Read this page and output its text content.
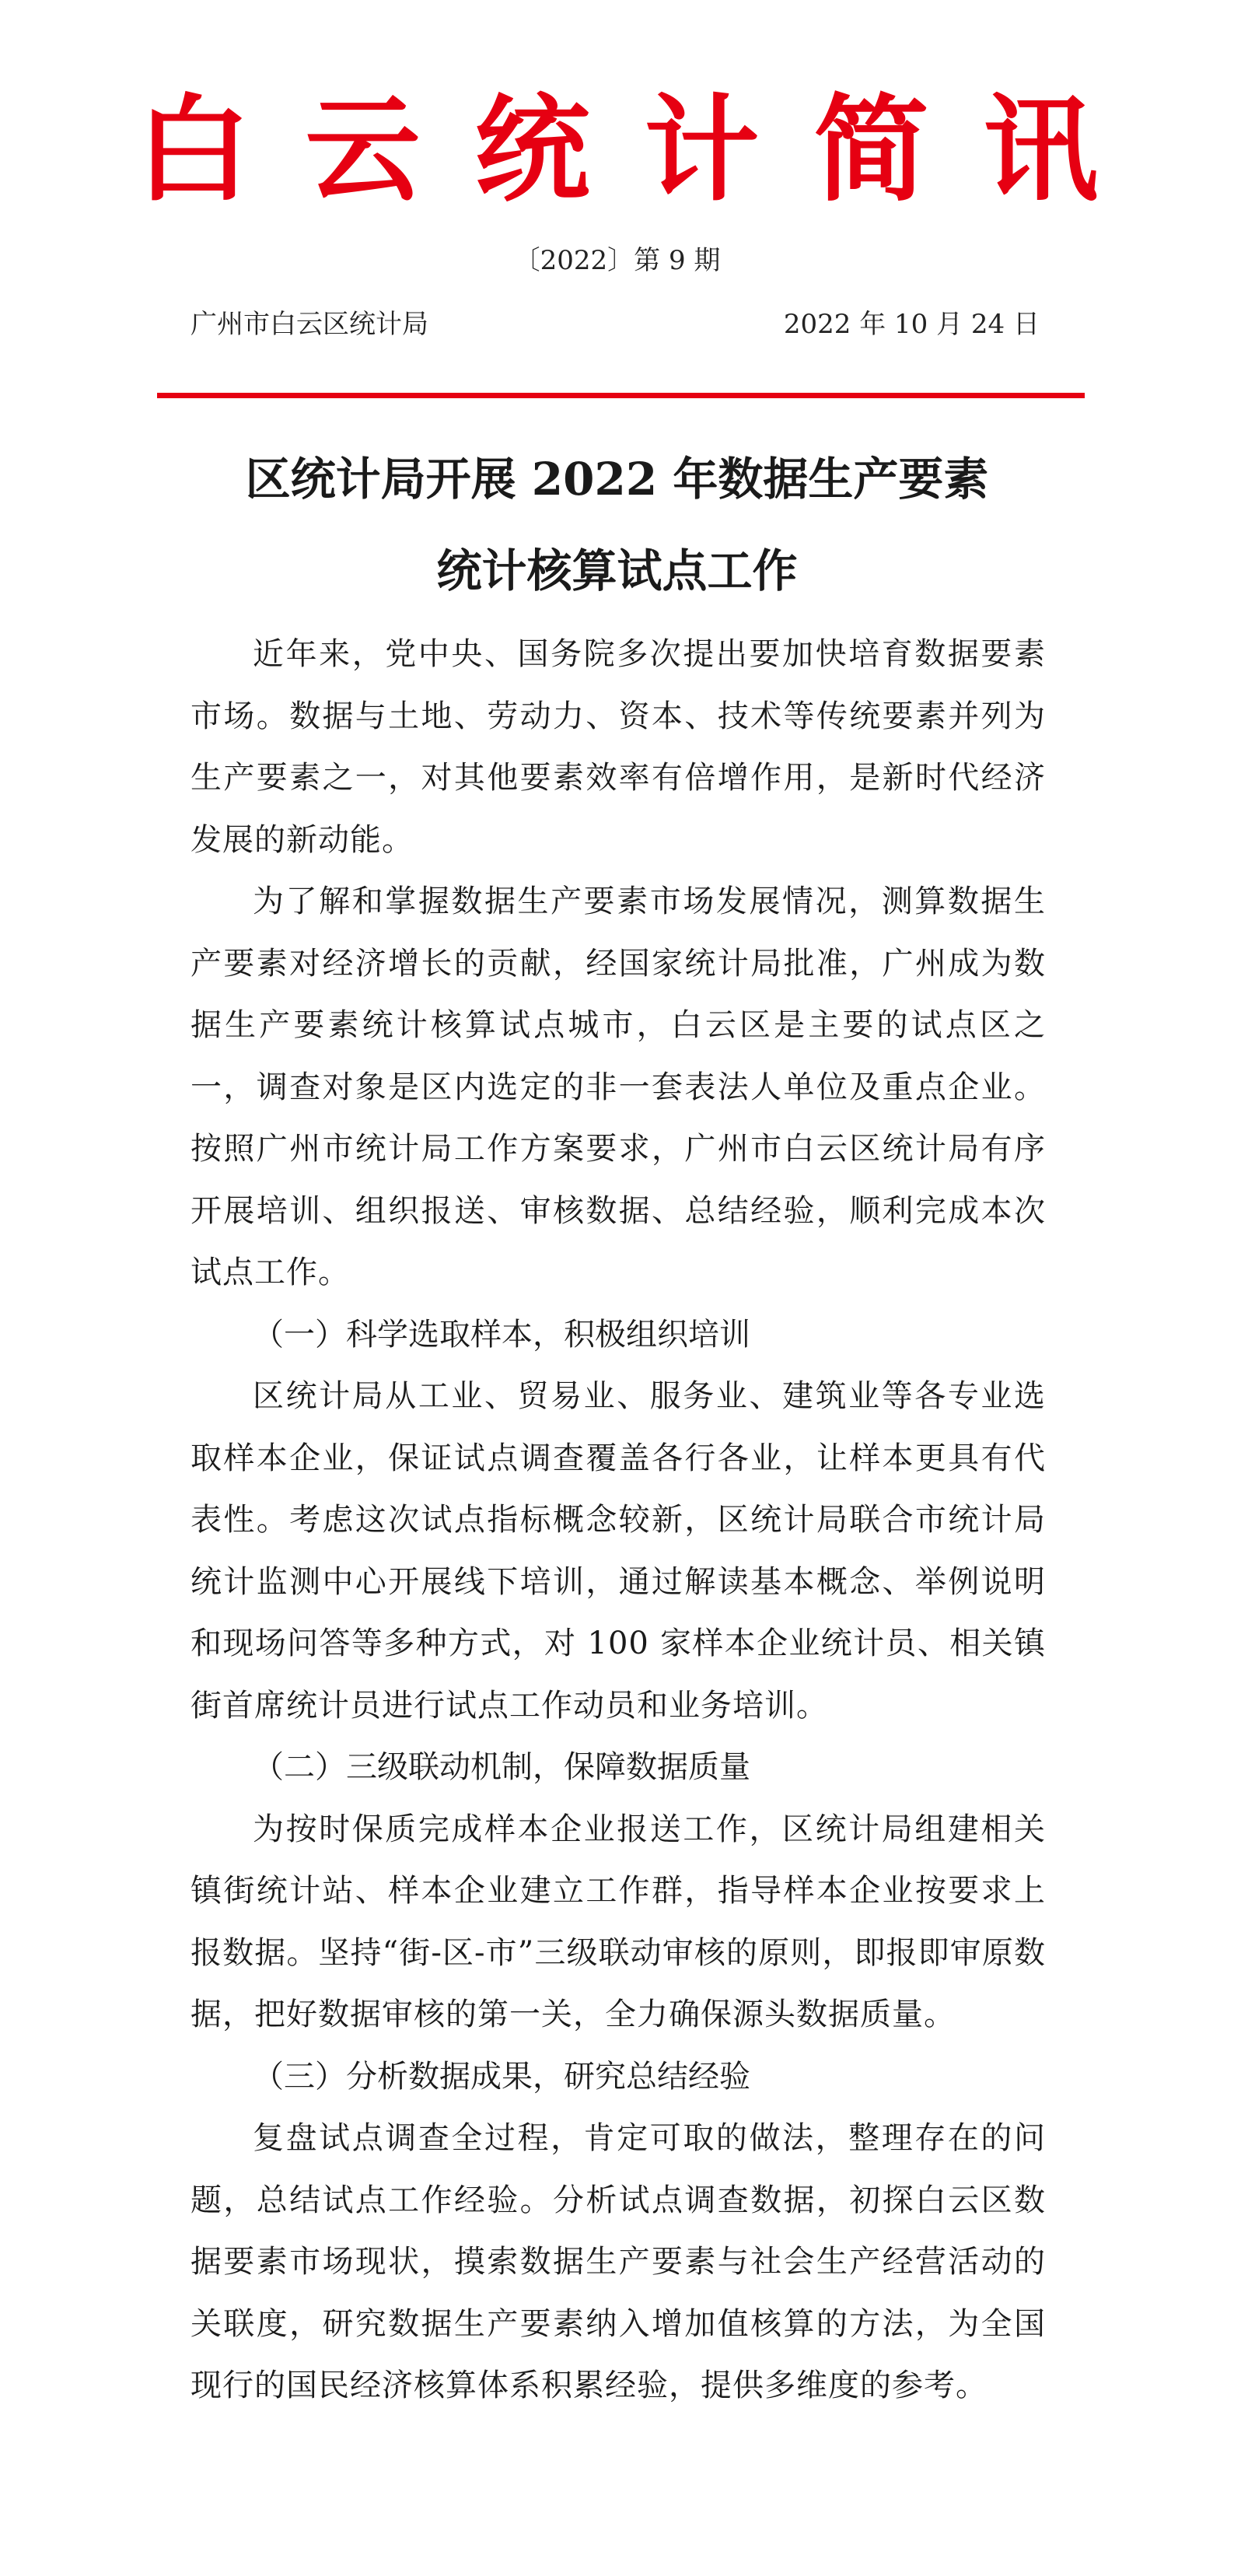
白云统计简讯
〔2022〕第 9 期
广州市白云区统计局	2022 年 10 月 24 日
区统计局开展 2022 年数据生产要素
统计核算试点工作

近年来，党中央、国务院多次提出要加快培育数据要素市场。数据与土地、劳动力、资本、技术等传统要素并列为生产要素之一，对其他要素效率有倍增作用，是新时代经济发展的新动能。

为了解和掌握数据生产要素市场发展情况，测算数据生产要素对经济增长的贡献，经国家统计局批准，广州成为数据生产要素统计核算试点城市，白云区是主要的试点区之一，调查对象是区内选定的非一套表法人单位及重点企业。按照广州市统计局工作方案要求，广州市白云区统计局有序开展培训、组织报送、审核数据、总结经验，顺利完成本次试点工作。

（一）科学选取样本，积极组织培训

区统计局从工业、贸易业、服务业、建筑业等各专业选取样本企业，保证试点调查覆盖各行各业，让样本更具有代表性。考虑这次试点指标概念较新，区统计局联合市统计局统计监测中心开展线下培训，通过解读基本概念、举例说明和现场问答等多种方式，对 100 家样本企业统计员、相关镇街首席统计员进行试点工作动员和业务培训。

（二）三级联动机制，保障数据质量

为按时保质完成样本企业报送工作，区统计局组建相关镇街统计站、样本企业建立工作群，指导样本企业按要求上报数据。坚持“街-区-市”三级联动审核的原则，即报即审原数据，把好数据审核的第一关，全力确保源头数据质量。

（三）分析数据成果，研究总结经验

复盘试点调查全过程，肯定可取的做法，整理存在的问题，总结试点工作经验。分析试点调查数据，初探白云区数据要素市场现状，摸索数据生产要素与社会生产经营活动的关联度，研究数据生产要素纳入增加值核算的方法，为全国现行的国民经济核算体系积累经验，提供多维度的参考。
